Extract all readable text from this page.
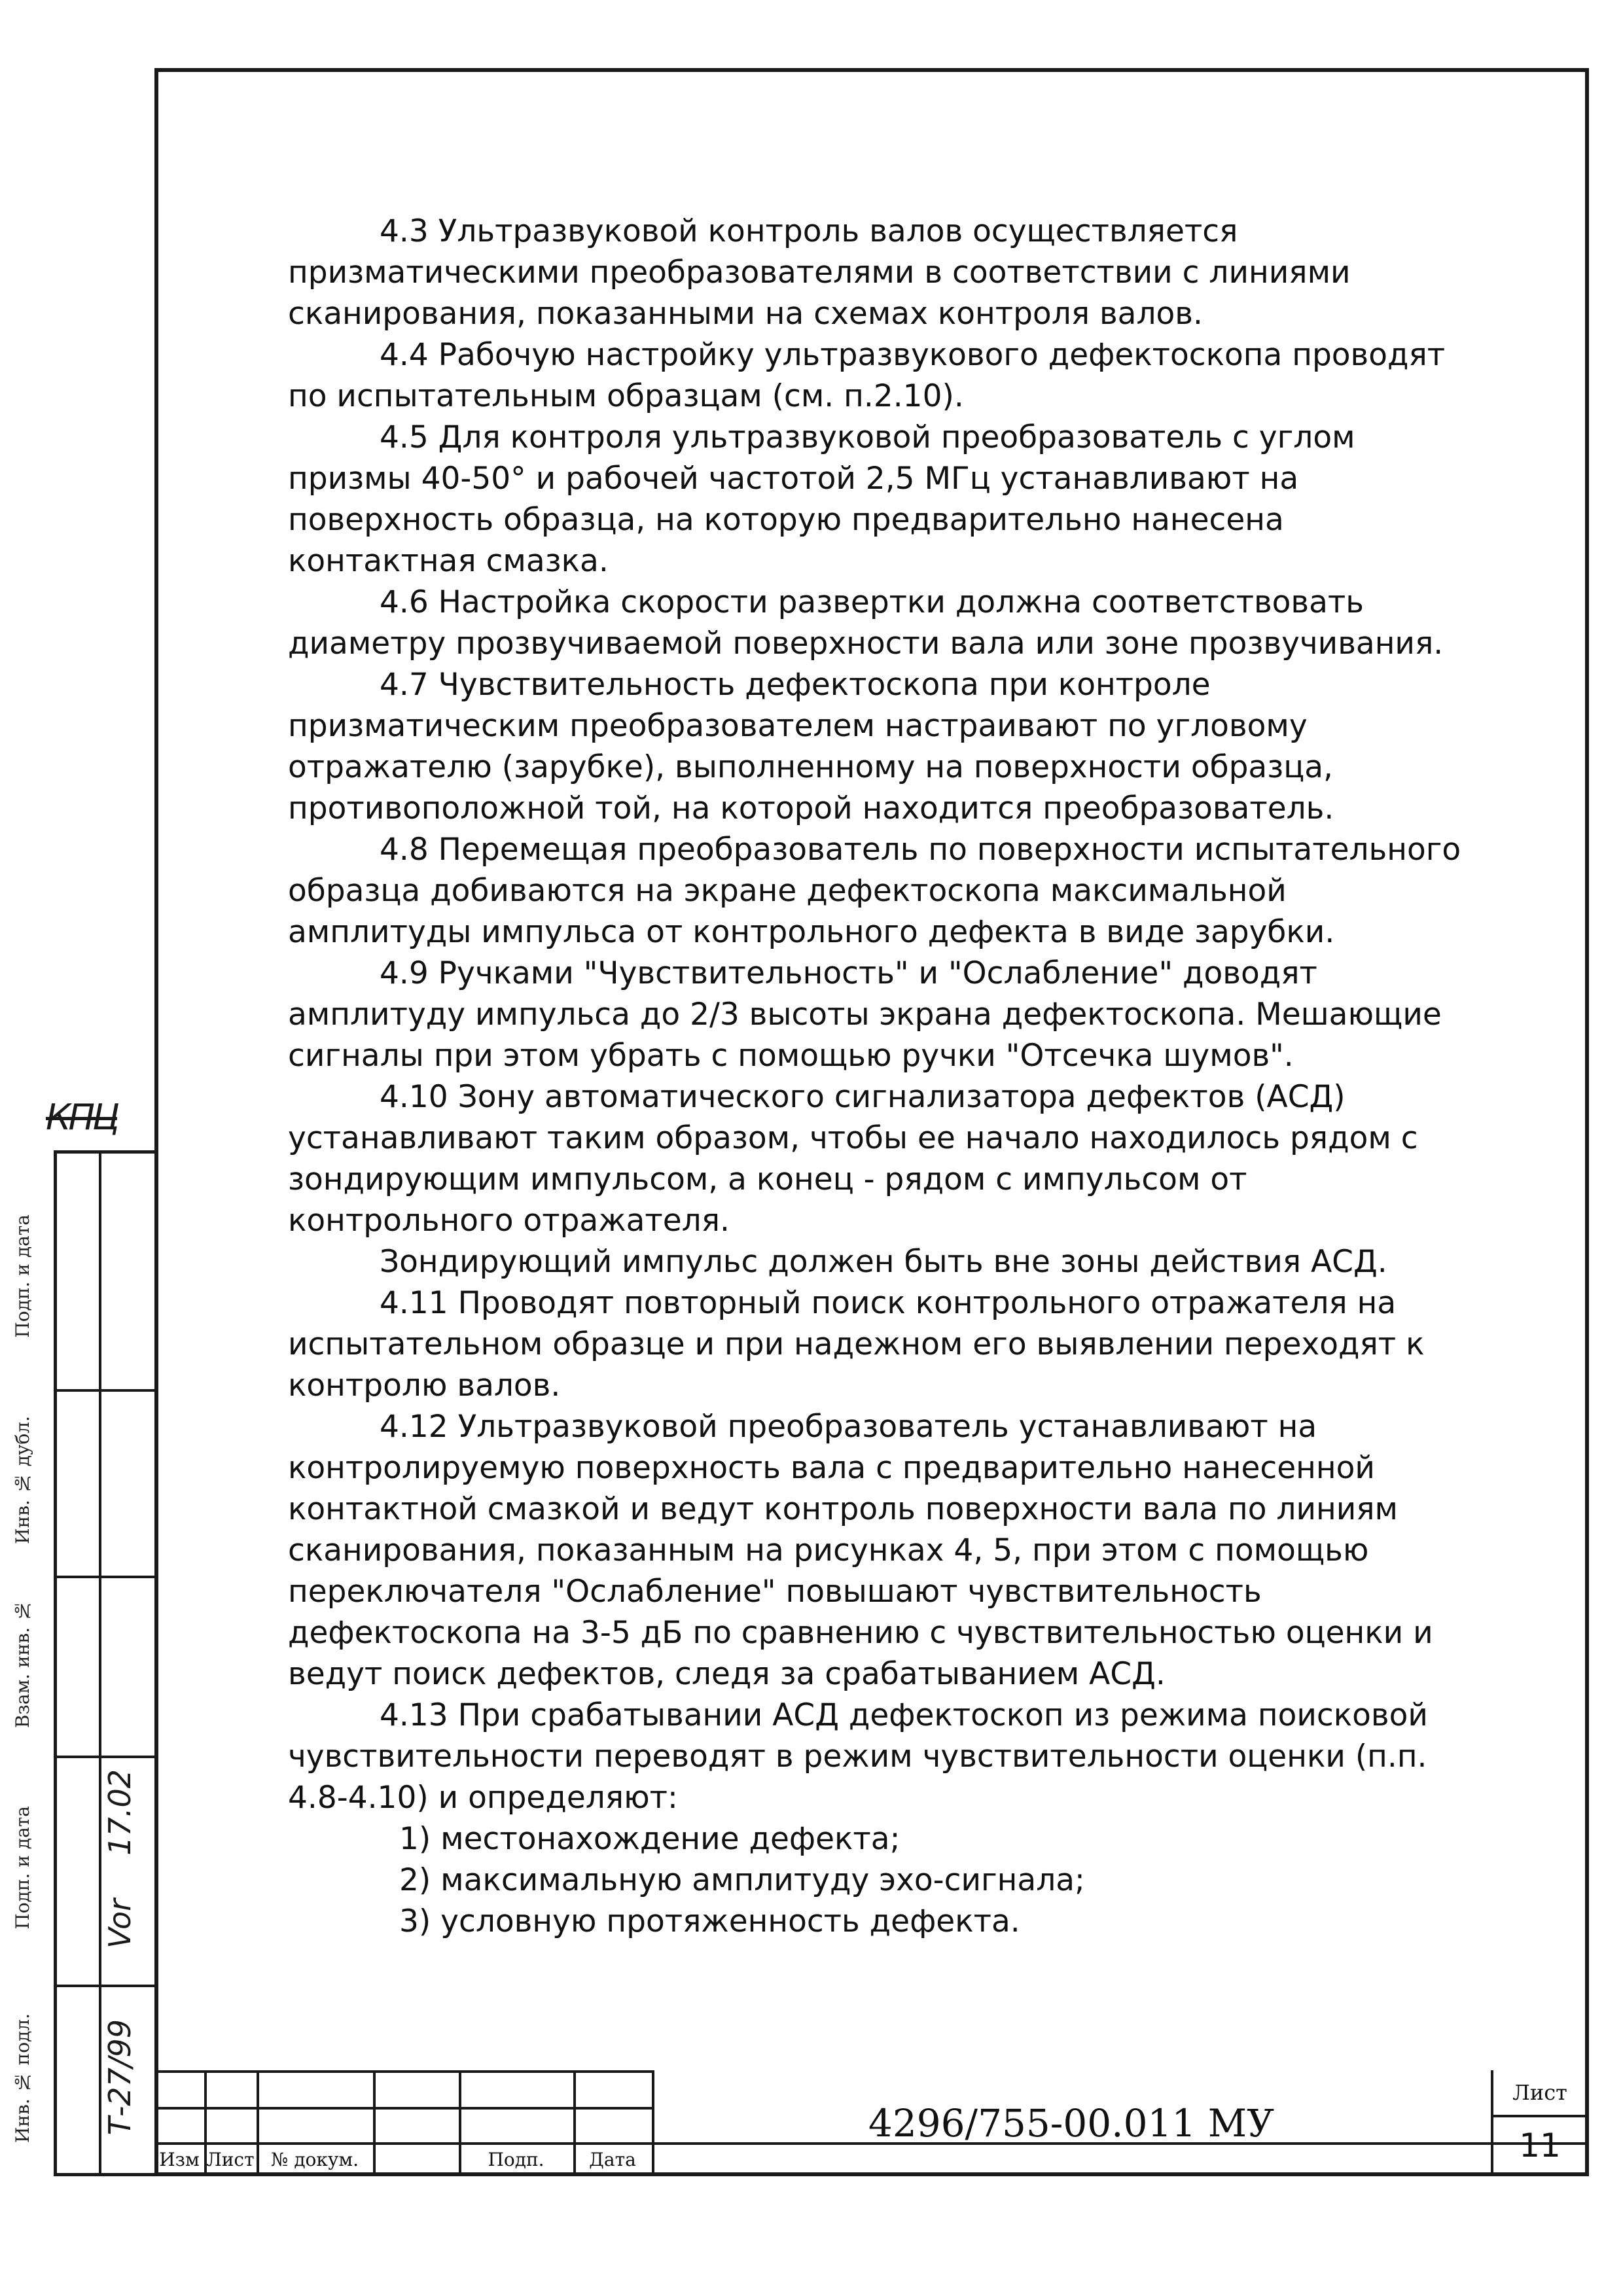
КПЦ
Подп. и дата
Инв. № дубл.
Взам. инв. №
Подп. и дата
Инв. № подл.
17.02
Vor
Т-27/99

4.3 Ультразвуковой контроль валов осуществляется призматическими преобразователями в соответствии с линиями сканирования, показанными на схемах контроля валов.

4.4 Рабочую настройку ультразвукового дефектоскопа проводят по испытательным образцам (см. п.2.10).

4.5 Для контроля ультразвуковой преобразователь с углом призмы 40-50° и рабочей частотой 2,5 МГц устанавливают на поверхность образца, на которую предварительно нанесена контактная смазка.

4.6 Настройка скорости развертки должна соответствовать диаметру прозвучиваемой поверхности вала или зоне прозвучивания.

4.7 Чувствительность дефектоскопа при контроле призматическим преобразователем настраивают по угловому отражателю (зарубке), выполненному на поверхности образца, противоположной той, на которой находится преобразователь.

4.8 Перемещая преобразователь по поверхности испытательного образца добиваются на экране дефектоскопа максимальной амплитуды импульса от контрольного дефекта в виде зарубки.

4.9 Ручками "Чувствительность" и "Ослабление" доводят амплитуду импульса до 2/3 высоты экрана дефектоскопа. Мешающие сигналы при этом убрать с помощью ручки "Отсечка шумов".

4.10 Зону автоматического сигнализатора дефектов (АСД) устанавливают таким образом, чтобы ее начало находилось рядом с зондирующим импульсом, а конец - рядом с импульсом от контрольного отражателя.

Зондирующий импульс должен быть вне зоны действия АСД.

4.11 Проводят повторный поиск контрольного отражателя на испытательном образце и при надежном его выявлении переходят к контролю валов.

4.12 Ультразвуковой преобразователь устанавливают на контролируемую поверхность вала с предварительно нанесенной контактной смазкой и ведут контроль поверхности вала по линиям сканирования, показанным на рисунках 4, 5, при этом с помощью переключателя "Ослабление" повышают чувствительность дефектоскопа на 3-5 дБ по сравнению с чувствительностью оценки и ведут поиск дефектов, следя за срабатыванием АСД.

4.13 При срабатывании АСД дефектоскоп из режима поисковой чувствительности переводят в режим чувствительности оценки (п.п. 4.8-4.10) и определяют:

1) местонахождение дефекта;

2) максимальную амплитуду эхо-сигнала;

3) условную протяженность дефекта.

Изм Лист № докум.	Подп.	Дата
4296/755-00.011 МУ
Лист
11
